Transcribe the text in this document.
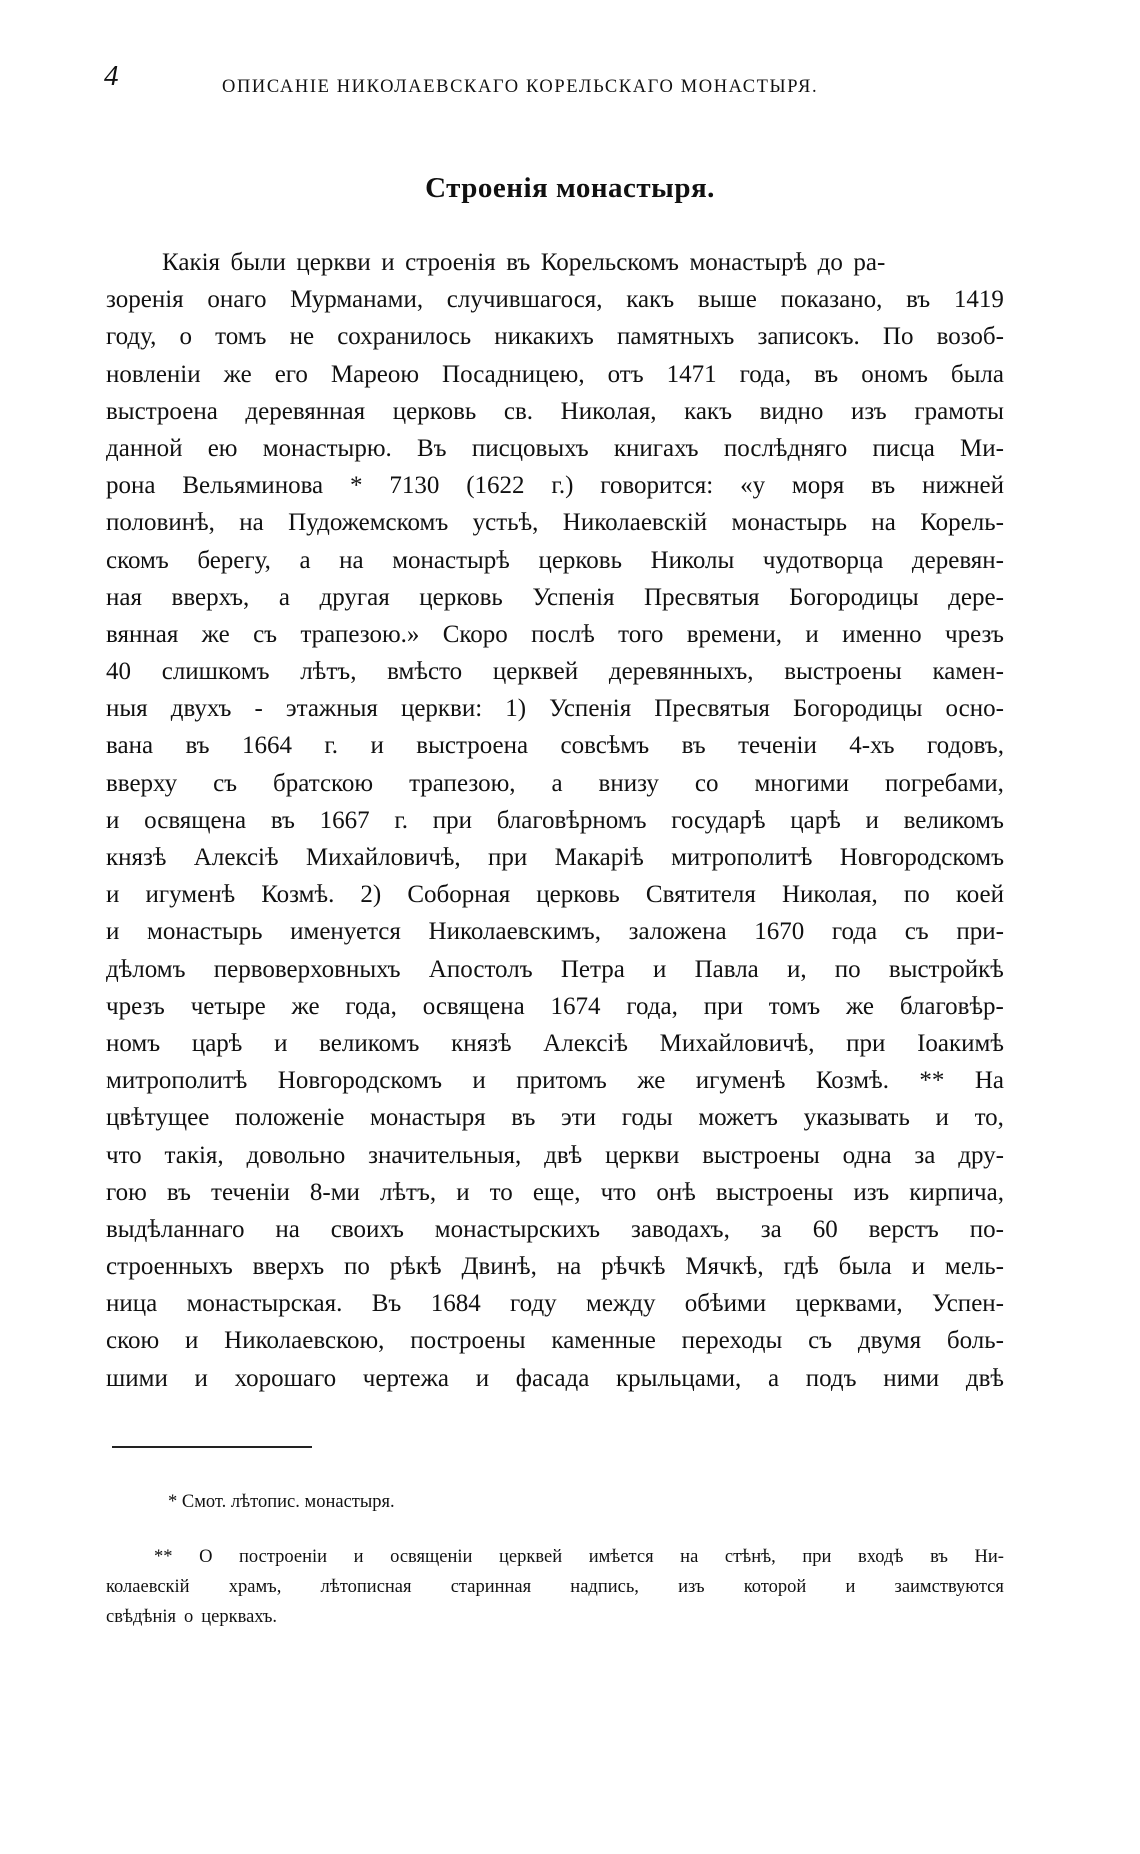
4	ОПИСАНІЕ НИКОЛАЕВСКАГО КОРЕЛЬСКАГО МОНАСТЫРЯ.
Строенія монастыря.
Какія были церкви и строенія въ Корельскомъ монастырѣ до ра-
зоренія онаго Мурманами, случившагося, какъ выше показано, въ 1419
году, о томъ не сохранилось никакихъ памятныхъ записокъ. По возоб-
новленіи же его Мареою Посадницею, отъ 1471 года, въ ономъ была
выстроена деревянная церковь св. Николая, какъ видно изъ грамоты
данной ею монастырю. Въ писцовыхъ книгахъ послѣдняго писца Ми-
рона Вельяминова * 7130 (1622 г.) говорится: «у моря въ нижней
половинѣ, на Пудожемскомъ устьѣ, Николаевскій монастырь на Корель-
скомъ берегу, а на монастырѣ церковь Николы чудотворца деревян-
ная вверхъ, а другая церковь Успенія Пресвятыя Богородицы дере-
вянная же съ трапезою.» Скоро послѣ того времени, и именно чрезъ
40 слишкомъ лѣтъ, вмѣсто церквей деревянныхъ, выстроены камен-
ныя двухъ - этажныя церкви: 1) Успенія Пресвятыя Богородицы осно-
вана въ 1664 г. и выстроена совсѣмъ въ теченіи 4-хъ годовъ,
вверху съ братскою трапезою, а внизу со многими погребами,
и освящена въ 1667 г. при благовѣрномъ государѣ царѣ и великомъ
князѣ Алексіѣ Михайловичѣ, при Макаріѣ митрополитѣ Новгородскомъ
и игуменѣ Козмѣ. 2) Соборная церковь Святителя Николая, по коей
и монастырь именуется Николаевскимъ, заложена 1670 года съ при-
дѣломъ первоверховныхъ Апостолъ Петра и Павла и, по выстройкѣ
чрезъ четыре же года, освящена 1674 года, при томъ же благовѣр-
номъ царѣ и великомъ князѣ Алексіѣ Михайловичѣ, при Іоакимѣ
митрополитѣ Новгородскомъ и притомъ же игуменѣ Козмѣ. ** На
цвѣтущее положеніе монастыря въ эти годы можетъ указывать и то,
что такія, довольно значительныя, двѣ церкви выстроены одна за дру-
гою въ теченіи 8-ми лѣтъ, и то еще, что онѣ выстроены изъ кирпича,
выдѣланнаго на своихъ монастырскихъ заводахъ, за 60 верстъ по-
строенныхъ вверхъ по рѣкѣ Двинѣ, на рѣчкѣ Мячкѣ, гдѣ была и мель-
ница монастырская. Въ 1684 году между обѣими церквами, Успен-
скою и Николаевскою, построены каменные переходы съ двумя боль-
шими и хорошаго чертежа и фасада крыльцами, а подъ ними двѣ
* Смот. лѣтопис. монастыря.
** О построеніи и освященіи церквей имѣется на стѣнѣ, при входѣ въ Ни-
колаевскій храмъ, лѣтописная старинная надпись, изъ которой и заимствуются
свѣдѣнія о церквахъ.
